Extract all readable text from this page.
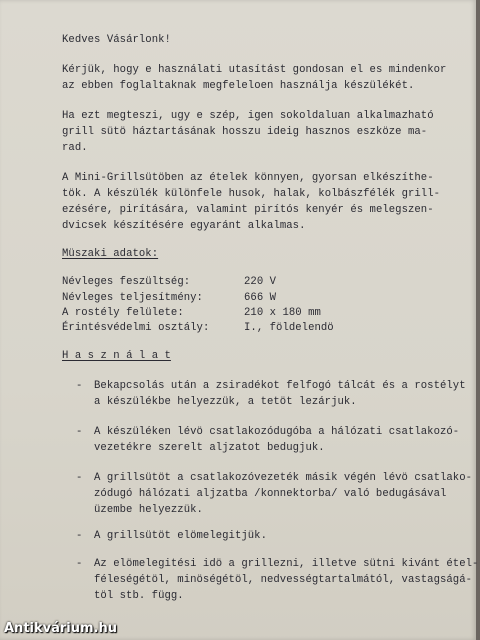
Kedves Vásárlonk!
Kérjük, hogy e használati utasítást gondosan el es mindenkor
az ebben foglaltaknak megfeleloen használja készülékét.
Ha ezt megteszi, ugy e szép, igen sokoldaluan alkalmazható
grill sütö háztartásának hosszu ideig hasznos eszköze ma-
rad.
A Mini-Grillsütöben az ételek könnyen, gyorsan elkészíthe-
tök. A készülék különfele husok, halak, kolbászfélék grill-
ezésére, pirítására, valamint pirítós kenyér és melegszen-
dvicsek készítésére egyaránt alkalmas.
Müszaki adatok:
Névleges feszültség:	220 V
Névleges teljesítmény:	666 W
A rostély felülete:	210 x 180 mm
Érintésvédelmi osztály:	I., földelendö
H a s z n á l a t
- Bekapcsolás után a zsiradékot felfogó tálcát és a rostélyt
a készülékbe helyezzük, a tetöt lezárjuk.
- A készüléken lévö csatlakozódugóba a hálózati csatlakozó-
vezetékre szerelt aljzatot bedugjuk.
- A grillsütöt a csatlakozóvezeték másik végén lévö csatlako-
zódugó hálózati aljzatba /konnektorba/ való bedugásával
üzembe helyezzük.
- A grillsütöt elömelegitjük.
- Az elömelegitési idö a grillezni, illetve sütni kivánt étel-
féleségétöl, minöségétöl, nedvességtartalmától, vastagságá-
töl stb. függ.
Antikvárium.hu
